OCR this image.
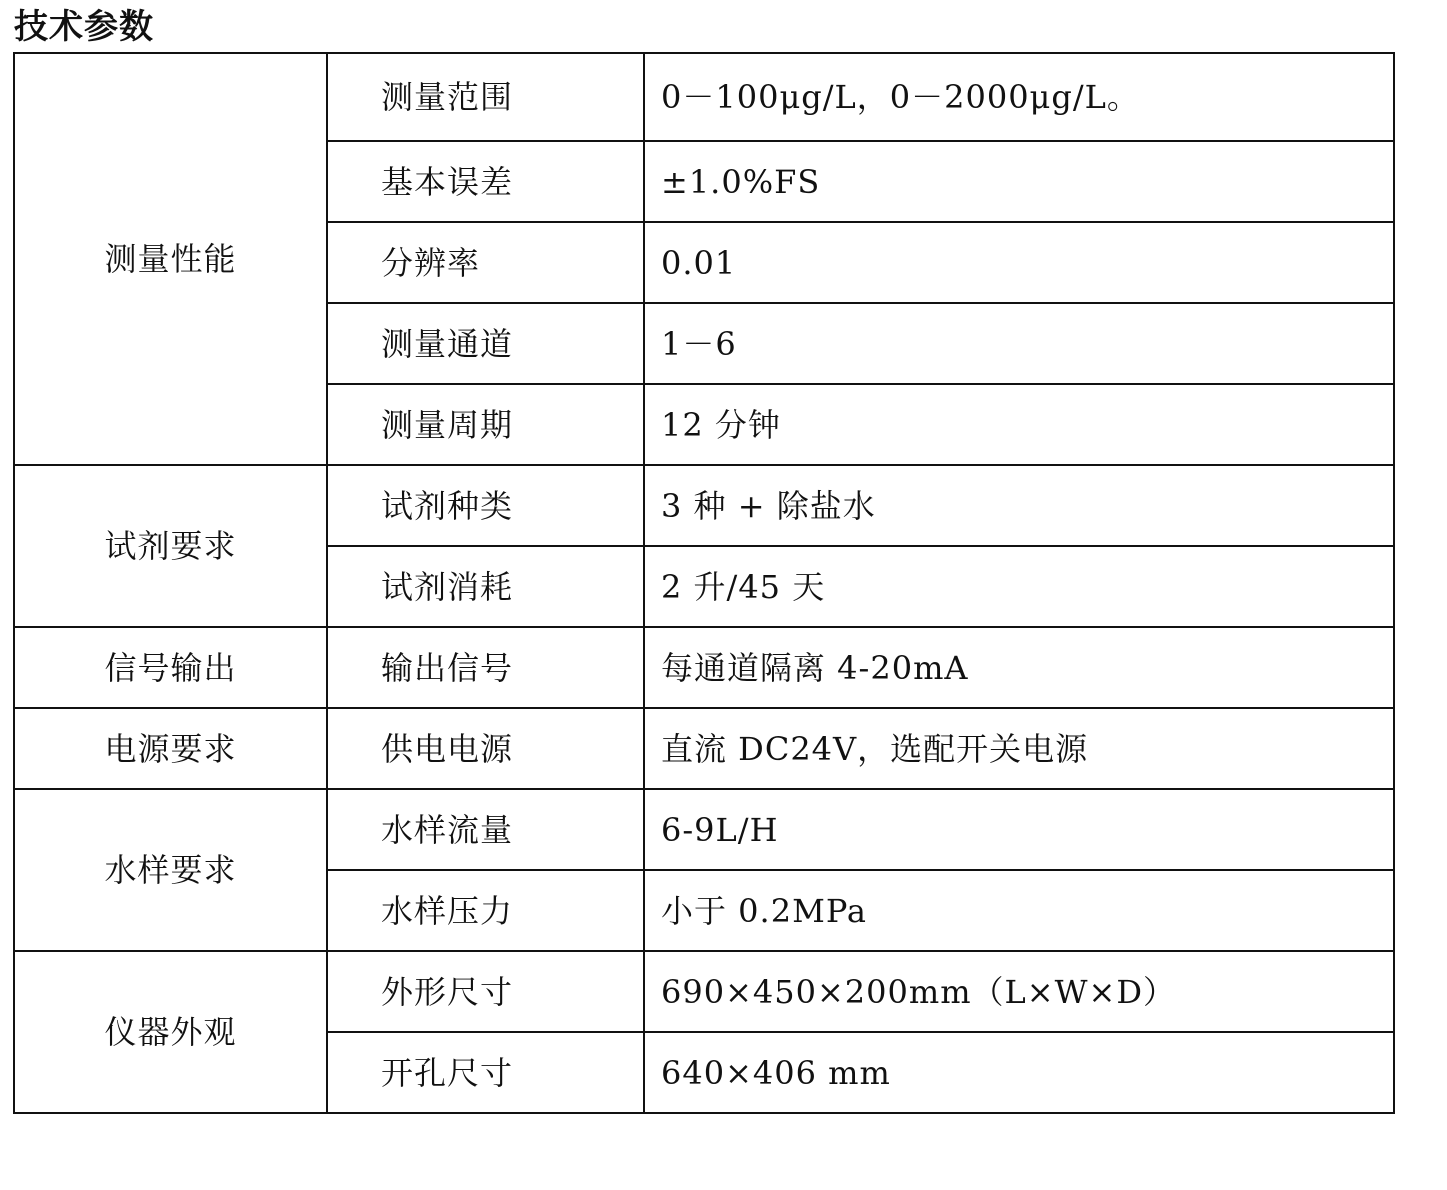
技术参数
测量性能	测量范围	0－100μg/L，0－2000μg/L。
	基本误差	±1.0%FS
	分辨率	0.01
	测量通道	1－6
	测量周期	12 分钟
试剂要求	试剂种类	3 种 + 除盐水
	试剂消耗	2 升/45 天
信号输出	输出信号	每通道隔离 4-20mA
电源要求	供电电源	直流 DC24V，选配开关电源
水样要求	水样流量	6-9L/H
	水样压力	小于 0.2MPa
仪器外观	外形尺寸	690×450×200mm（L×W×D）
	开孔尺寸	640×406 mm
